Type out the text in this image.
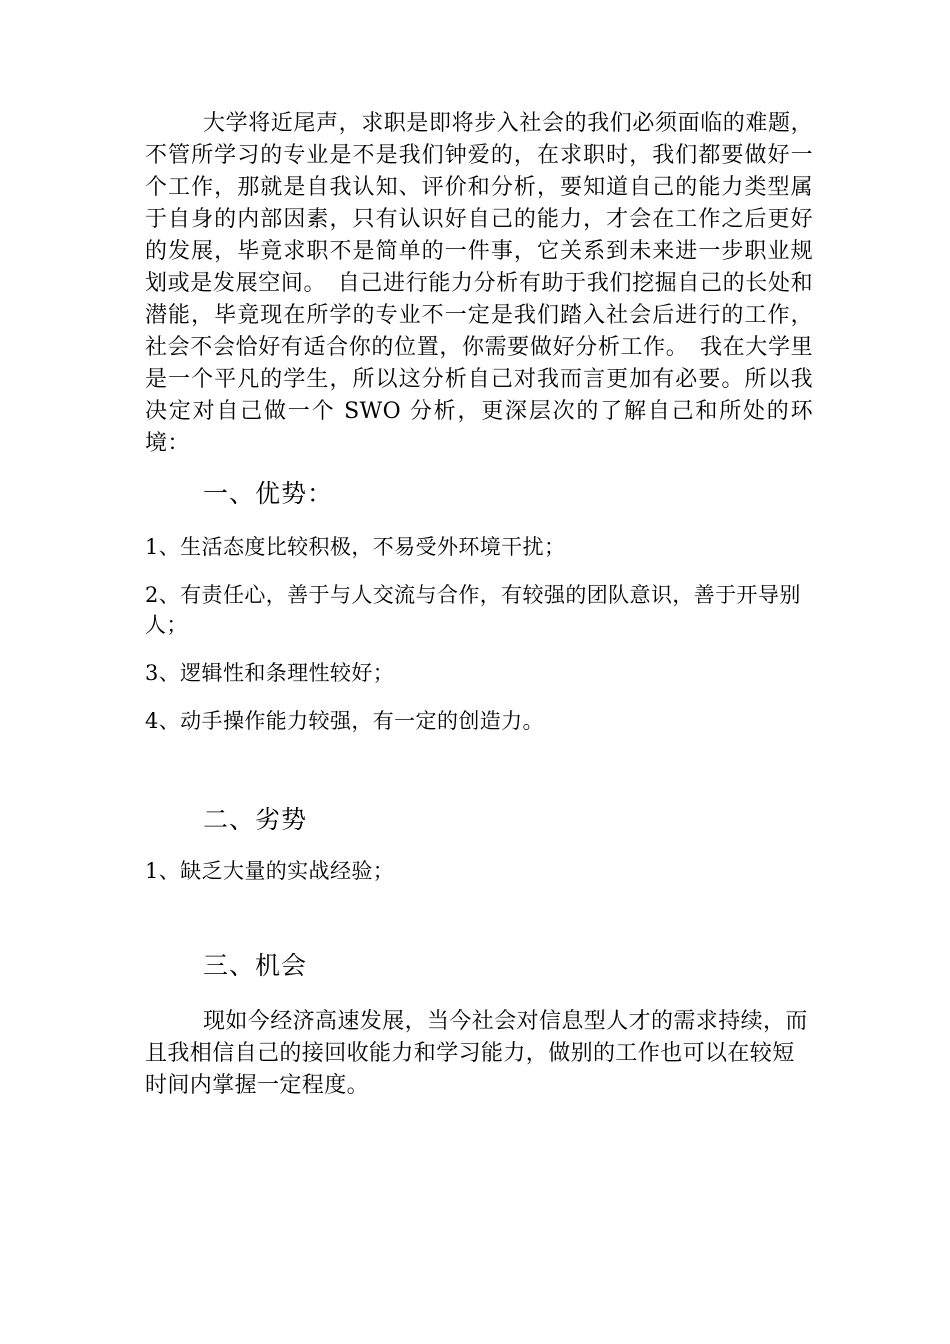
大学将近尾声，求职是即将步入社会的我们必须面临的难题，不管所学习的专业是不是我们钟爱的，在求职时，我们都要做好一个工作，那就是自我认知、评价和分析，要知道自己的能力类型属于自身的内部因素，只有认识好自己的能力，才会在工作之后更好的发展，毕竟求职不是简单的一件事，它关系到未来进一步职业规划或是发展空间。　自己进行能力分析有助于我们挖掘自己的长处和潜能，毕竟现在所学的专业不一定是我们踏入社会后进行的工作，社会不会恰好有适合你的位置，你需要做好分析工作。　我在大学里是一个平凡的学生，所以这分析自己对我而言更加有必要。所以我决定对自己做一个 SWO 分析，更深层次的了解自己和所处的环境：

一、优势：

1、生活态度比较积极，不易受外环境干扰；

2、有责任心，善于与人交流与合作，有较强的团队意识，善于开导别人；

3、逻辑性和条理性较好；

4、动手操作能力较强，有一定的创造力。

二、劣势

1、缺乏大量的实战经验；

三、机会

现如今经济高速发展，当今社会对信息型人才的需求持续，而且我相信自己的接回收能力和学习能力，做别的工作也可以在较短时间内掌握一定程度。
